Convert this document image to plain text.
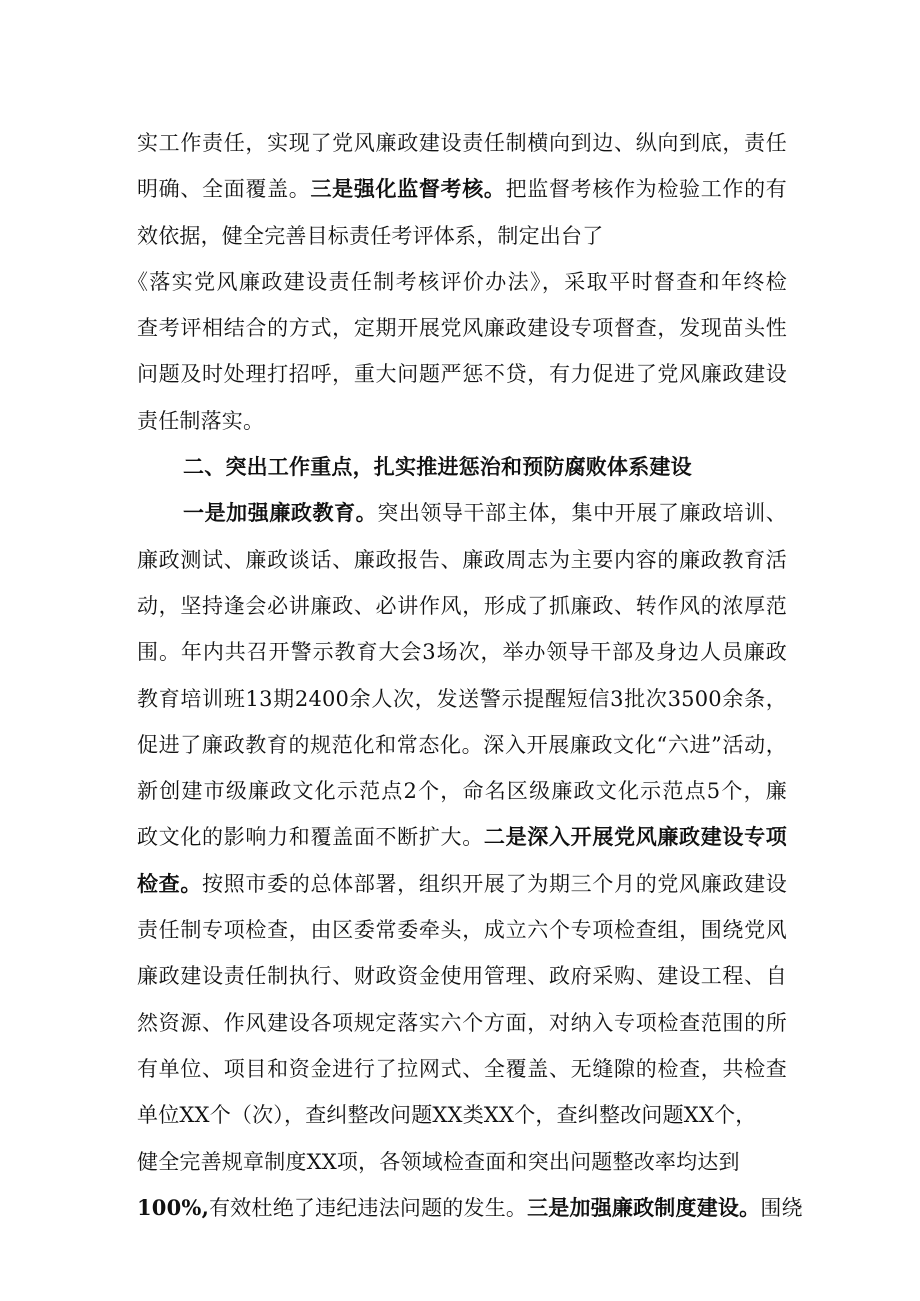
实工作责任，实现了党风廉政建设责任制横向到边、纵向到底，责任
明确、全面覆盖。三是强化监督考核。把监督考核作为检验工作的有
效依据，健全完善目标责任考评体系，制定出台了
《落实党风廉政建设责任制考核评价办法》，采取平时督查和年终检
查考评相结合的方式，定期开展党风廉政建设专项督查，发现苗头性
问题及时处理打招呼，重大问题严惩不贷，有力促进了党风廉政建设
责任制落实。
二、突出工作重点，扎实推进惩治和预防腐败体系建设
一是加强廉政教育。突出领导干部主体，集中开展了廉政培训、
廉政测试、廉政谈话、廉政报告、廉政周志为主要内容的廉政教育活
动，坚持逢会必讲廉政、必讲作风，形成了抓廉政、转作风的浓厚范
围。年内共召开警示教育大会3场次，举办领导干部及身边人员廉政
教育培训班13期2400余人次，发送警示提醒短信3批次3500余条，
促进了廉政教育的规范化和常态化。深入开展廉政文化“六进”活动，
新创建市级廉政文化示范点2个，命名区级廉政文化示范点5个，廉
政文化的影响力和覆盖面不断扩大。二是深入开展党风廉政建设专项
检查。按照市委的总体部署，组织开展了为期三个月的党风廉政建设
责任制专项检查，由区委常委牵头，成立六个专项检查组，围绕党风
廉政建设责任制执行、财政资金使用管理、政府采购、建设工程、自
然资源、作风建设各项规定落实六个方面，对纳入专项检查范围的所
有单位、项目和资金进行了拉网式、全覆盖、无缝隙的检查，共检查
单位XX个（次），查纠整改问题XX类XX个，查纠整改问题XX个，
健全完善规章制度XX项，各领域检查面和突出问题整改率均达到
100%,有效杜绝了违纪违法问题的发生。三是加强廉政制度建设。围绕
